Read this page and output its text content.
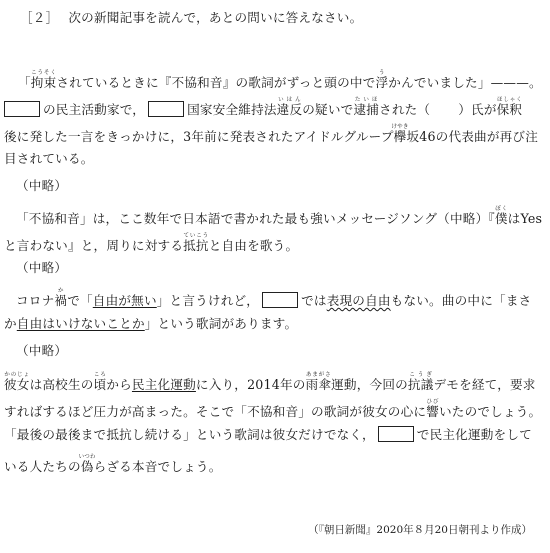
［２］ 次の新聞記事を読んで，あとの問いに答えなさい。
「拘束こうそくされているときに『不協和音』の歌詞がずっと頭の中で浮うかんでいました」———。
の民主活動家で，	国家安全維持法違反いはんの疑いで逮捕たいほされた（ ）氏が保釈ほしゃく
後に発した一言をきっかけに，3年前に発表されたアイドルグループ欅けやき坂46の代表曲が再び注
目されている。
（中略）
「不協和音」は，ここ数年で日本語で書かれた最も強いメッセージソング（中略）『僕ぼくはYes
と言わない』と，周りに対する抵抗ていこうと自由を歌う。
（中略）
コロナ禍かで「自由が無い」と言うけれど，	では表現の自由もない。曲の中に「まさ
か自由はいけないことか」という歌詞があります。
（中略）
彼女かのじょは高校生の頃ころから民主化運動に入り，2014年の雨傘あまがさ運動，今回の抗議こうぎデモを経て，要求
すればするほど圧力が高まった。そこで「不協和音」の歌詞が彼女の心に響ひびいたのでしょう。
「最後の最後まで抵抗し続ける」という歌詞は彼女だけでなく，	で民主化運動をして
いる人たちの偽いつわらざる本音でしょう。
（『朝日新聞』2020年８月20日朝刊より作成）
